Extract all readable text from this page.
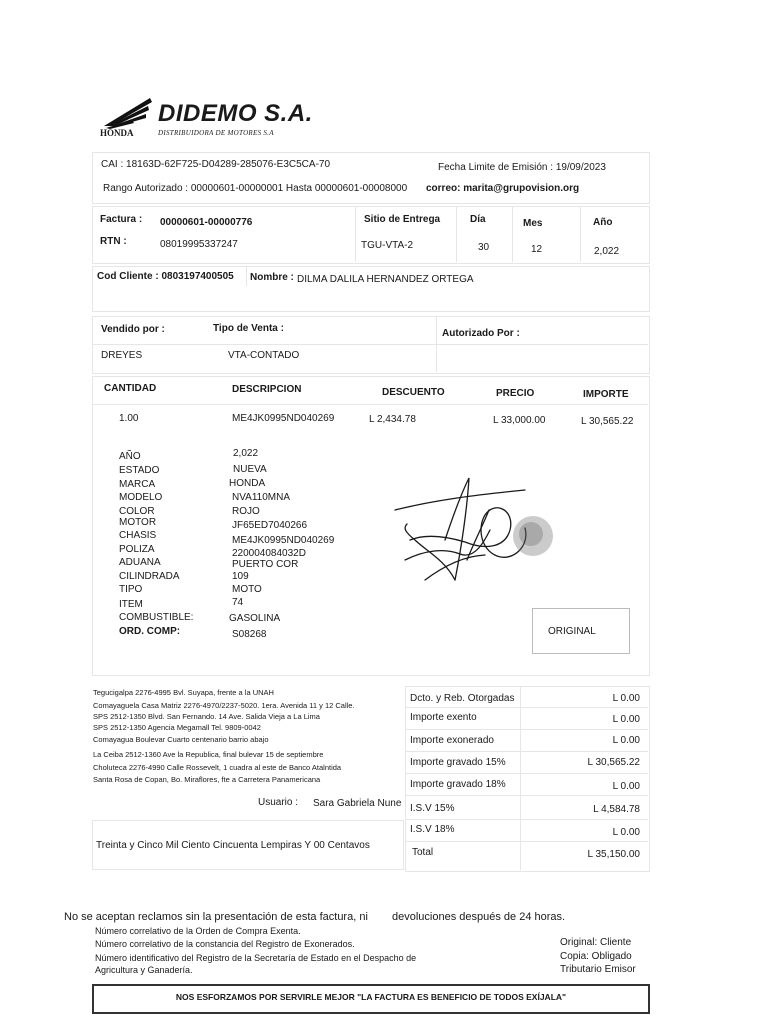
HONDA
DIDEMO S.A.
DISTRIBUIDORA DE MOTORES S.A
CAI : 18163D-62F725-D04289-285076-E3C5CA-70	Fecha Limite de Emisión : 19/09/2023
Rango Autorizado : 00000601-00000001 Hasta 00000601-00008000 correo: marita@grupovision.org
Factura : 00000601-00000776
RTN :	08019995337247
Sitio de Entrega
TGU-VTA-2
Día
30
Mes
12
Año
2,022
Cod Cliente : 0803197400505 Nombre : DILMA DALILA HERNANDEZ ORTEGA
Vendido por :
DREYES
Tipo de Venta :
VTA-CONTADO
Autorizado Por :
CANTIDAD	DESCRIPCION	DESCUENTO	PRECIO	IMPORTE
1.00	ME4JK0995ND040269	L 2,434.78	L 33,000.00	L 30,565.22
AÑO	2,022
ESTADO	NUEVA
MARCA	HONDA
MODELO	NVA110MNA
COLOR	ROJO
MOTOR	JF65ED7040266
CHASIS	ME4JK0995ND040269
POLIZA	220004084032D
ADUANA	PUERTO COR
CILINDRADA	109
TIPO	MOTO
ITEM	74
COMBUSTIBLE:	GASOLINA
ORD. COMP:	S08268	ORIGINAL
Tegucigalpa 2276-4995 Bvl. Suyapa, frente a la UNAH
Comayaguela Casa Matriz 2276-4970/2237-5020. 1era. Avenida 11 y 12 Calle.
SPS 2512-1350 Blvd. San Fernando. 14 Ave. Salida Vieja a La Lima
SPS 2512-1350 Agencia Megamall Tel. 9809-0042
Comayagua Boulevar Cuarto centenario barrio abajo
La Ceiba 2512-1360 Ave la Republica, final bulevar 15 de septiembre
Choluteca 2276-4990 Calle Rossevelt, 1 cuadra al este de Banco Atalntida
Santa Rosa de Copan, Bo. Miraflores, fte a Carretera Panamericana
Usuario : Sara Gabriela Nune
Treinta y Cinco Mil Ciento Cincuenta Lempiras Y 00 Centavos
Dcto. y Reb. Otorgadas	L 0.00
Importe exento	L 0.00
Importe exonerado	L 0.00
Importe gravado 15%	L 30,565.22
Importe gravado 18%	L 0.00
I.S.V 15%	L 4,584.78
I.S.V 18%	L 0.00
Total	L 35,150.00
No se aceptan reclamos sin la presentación de esta factura, ni devoluciones después de 24 horas.
Número correlativo de la Orden de Compra Exenta.
Número correlativo de la constancia del Registro de Exonerados.
Número identificativo del Registro de la Secretaría de Estado en el Despacho de
Agricultura y Ganadería.
Original: Cliente
Copia: Obligado
Tributario Emisor
NOS ESFORZAMOS POR SERVIRLE MEJOR "LA FACTURA ES BENEFICIO DE TODOS EXÍJALA"
